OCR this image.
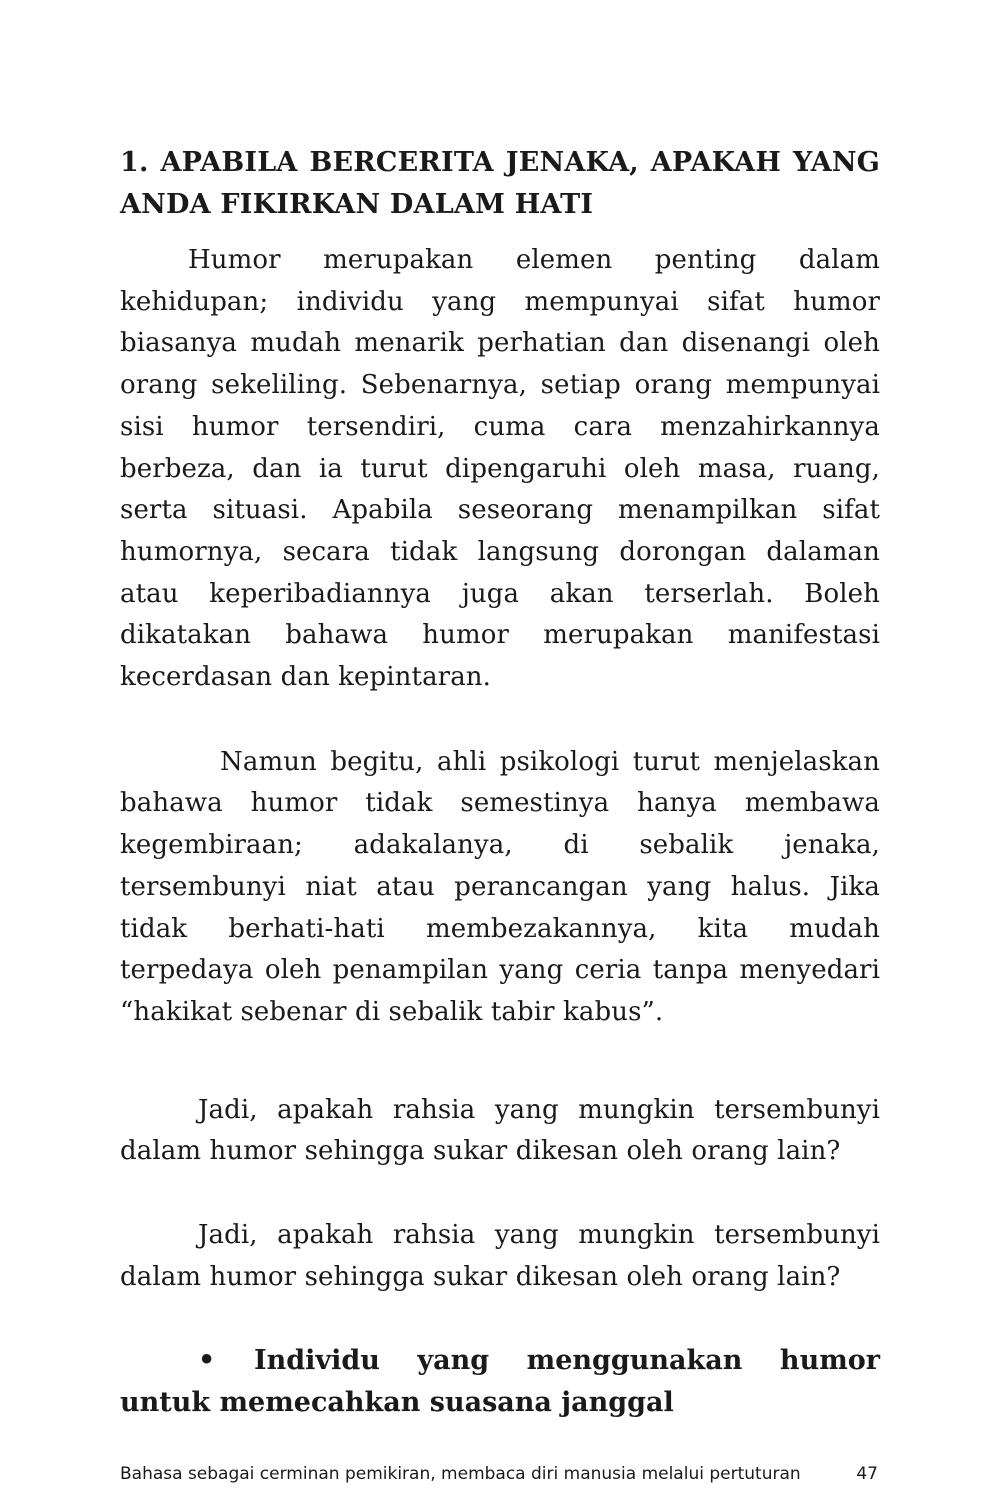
1. APABILA BERCERITA JENAKA, APAKAH YANG ANDA FIKIRKAN DALAM HATI

Humor merupakan elemen penting dalam kehidupan; individu yang mempunyai sifat humor biasanya mudah menarik perhatian dan disenangi oleh orang sekeliling. Sebenarnya, setiap orang mempunyai sisi humor tersendiri, cuma cara menzahirkannya berbeza, dan ia turut dipengaruhi oleh masa, ruang, serta situasi. Apabila seseorang menampilkan sifat humornya, secara tidak langsung dorongan dalaman atau keperibadiannya juga akan terserlah. Boleh dikatakan bahawa humor merupakan manifestasi kecerdasan dan kepintaran.

Namun begitu, ahli psikologi turut menjelaskan bahawa humor tidak semestinya hanya membawa kegembiraan; adakalanya, di sebalik jenaka, tersembunyi niat atau perancangan yang halus. Jika tidak berhati-hati membezakannya, kita mudah terpedaya oleh penampilan yang ceria tanpa menyedari “hakikat sebenar di sebalik tabir kabus”.

Jadi, apakah rahsia yang mungkin tersembunyi dalam humor sehingga sukar dikesan oleh orang lain?

Jadi, apakah rahsia yang mungkin tersembunyi dalam humor sehingga sukar dikesan oleh orang lain?

• Individu yang menggunakan humor untuk memecahkan suasana janggal
Bahasa sebagai cerminan pemikiran, membaca diri manusia melalui pertuturan	47
